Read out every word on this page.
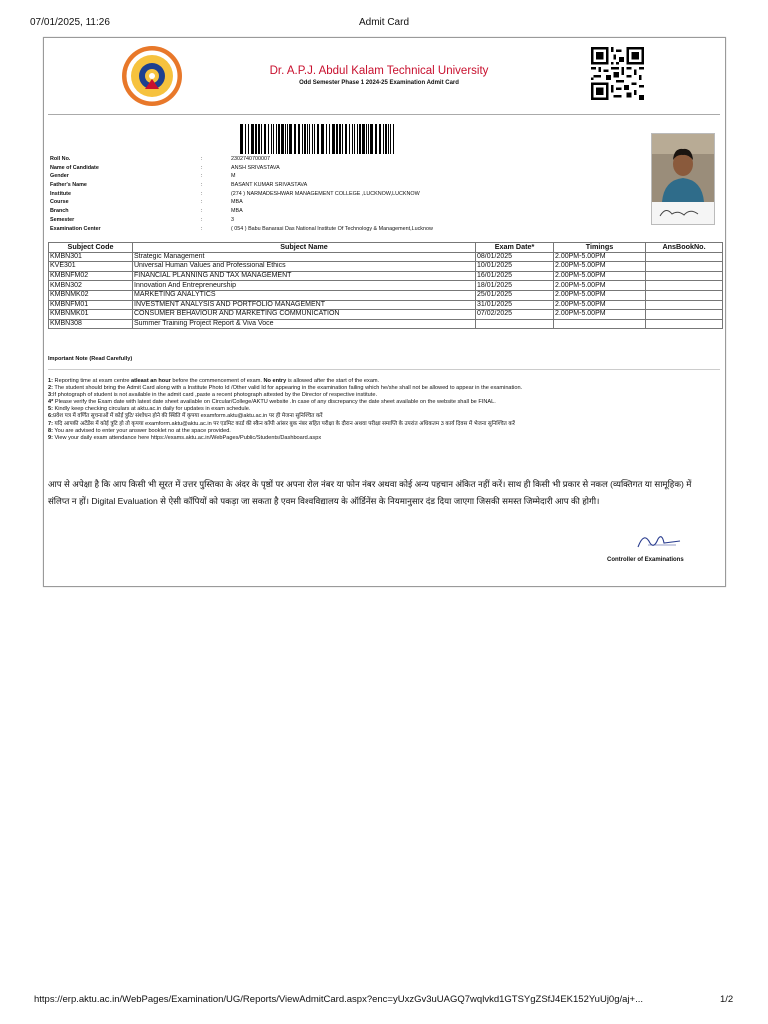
07/01/2025, 11:26	Admit Card
Dr. A.P.J. Abdul Kalam Technical University
Odd Semester Phase 1 2024-25 Examination Admit Card
Roll No.	:	2302740700007
Name of Candidate	:	ANSH SRIVASTAVA
Gender	:	M
Father's Name	:	BASANT KUMAR SRIVASTAVA
Institute	:	(274 ) NARMADESHWAR MANAGEMENT COLLEGE ,LUCKNOW,LUCKNOW
Course	:	MBA
Branch	:	MBA
Semester	:	3
Examination Center	:	( 054 ) Babu Banarasi Das National Institute Of Technology & Management,Lucknow
Subject Code	Subject Name	Exam Date*	Timings	AnsBookNo.
KMBN301	Strategic Management	08/01/2025	2.00PM-5.00PM	
KVE301	Universal Human Values and Professional Ethics	10/01/2025	2.00PM-5.00PM	
KMBNFM02	FINANCIAL PLANNING AND TAX MANAGEMENT	16/01/2025	2.00PM-5.00PM	
KMBN302	Innovation And Entrepreneurship	18/01/2025	2.00PM-5.00PM	
KMBNMK02	MARKETING ANALYTICS	25/01/2025	2.00PM-5.00PM	
KMBNFM01	INVESTMENT ANALYSIS AND PORTFOLIO MANAGEMENT	31/01/2025	2.00PM-5.00PM	
KMBNMK01	CONSUMER BEHAVIOUR AND MARKETING COMMUNICATION	07/02/2025	2.00PM-5.00PM	
KMBN308	Summer Training Project Report & Viva Voce			
Important Note (Read Carefully)
1: Reporting time at exam centre atleast an hour before the commencement of exam. No entry is allowed after the start of the exam.
2: The student should bring the Admit Card along with a Institute Photo Id /Other valid Id for appearing in the examination failing which he/she shall not be allowed to appear in the examination.
3:If photograph of student is not available in the admit card ,paste a recent photograph attested by the Director of respective institute.
4* Please verify the Exam date with latest date sheet available on Circular/College/AKTU website .In case of any discrepancy the date sheet available on the website shall be FINAL.
5: Kindly keep checking circulars at aktu.ac.in daily for updates in exam schedule.
6:प्रवेश पत्र में वर्णित सूचनाओं में कोई त्रुटि/ संशोधन होने की स्थिति में कृपया examform.aktu@aktu.ac.in पर ही मेजना सुनिश्चित करें
7: यदि आपकी अटेंडेंस में कोई त्रुटि हो तो कृपया examform.aktu@aktu.ac.in पर एडमिट कार्ड की स्कैन कॉपी आंसर बुक नंबर सहित परीक्षा के दौरान अथवा परीक्षा समाप्ति के उपरांत अधिकतम 3 कार्य दिवस में भेजना सुनिश्चित करें
8: You are advised to enter your answer booklet no at the space provided.
9: View your daily exam attendance here https://exams.aktu.ac.in/WebPages/Public/Students/Dashboard.aspx
आप से अपेक्षा है कि आप किसी भी सूरत में उत्तर पुस्तिका के अंदर के पृष्ठों पर अपना रोल नंबर या फोन नंबर अथवा कोई अन्य पहचान अंकित नहीं करें। साथ ही किसी भी प्रकार से नकल (व्यक्तिगत या सामूहिक) में संलिप्त न हों। Digital Evaluation से ऐसी कॉपियों को पकड़ा जा सकता है एवम विश्वविद्यालय के ऑर्डिनेंस के नियमानुसार दंड दिया जाएगा जिसकी समस्त जिम्मेदारी आप की होगी।
Controller of Examinations
https://erp.aktu.ac.in/WebPages/Examination/UG/Reports/ViewAdmitCard.aspx?enc=yUxzGv3uUAGQ7wqlvkd1GTSYgZSfJ4EK152YuUj0g/aj+...	1/2
